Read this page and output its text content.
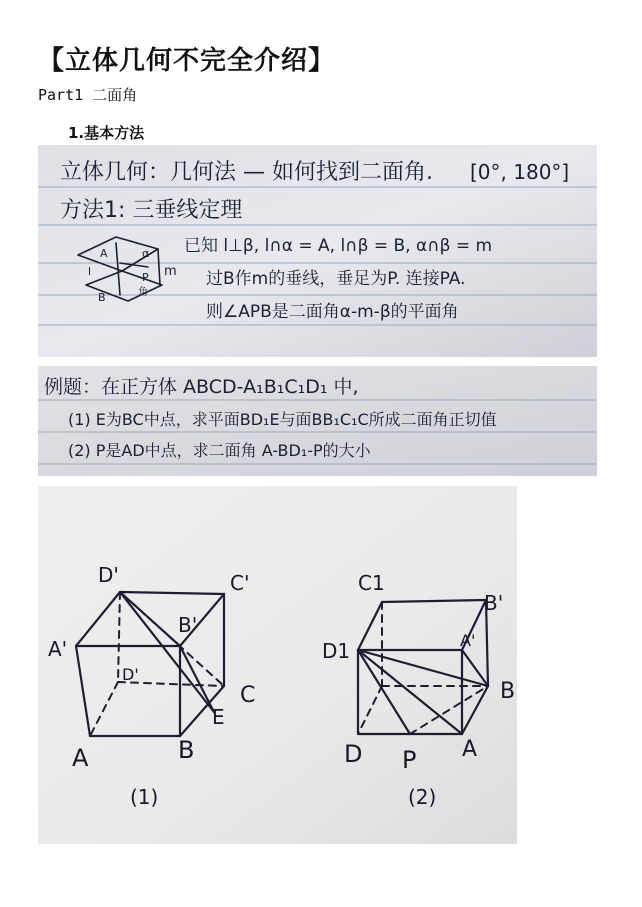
【立体几何不完全介绍】
Part1 二面角
1.基本方法
立体几何：几何法 — 如何找到二面角. [0°, 180°]
方法1: 三垂线定理
已知 l⊥β, l∩α = A, l∩β = B, α∩β = m
过B作m的垂线，垂足为P. 连接PA.
则∠APB是二面角α-m-β的平面角
A
B
l
α
P
角
m
例题：在正方体 ABCD-A₁B₁C₁D₁ 中,
(1) E为BC中点，求平面BD₁E与面BB₁C₁C所成二面角正切值
(2) P是AD中点，求二面角 A-BD₁-P的大小
D'	C'
A'
B'
D'
C
E
A	B
(1)
C1
B'
D1	A'
B
D P A
(2)
